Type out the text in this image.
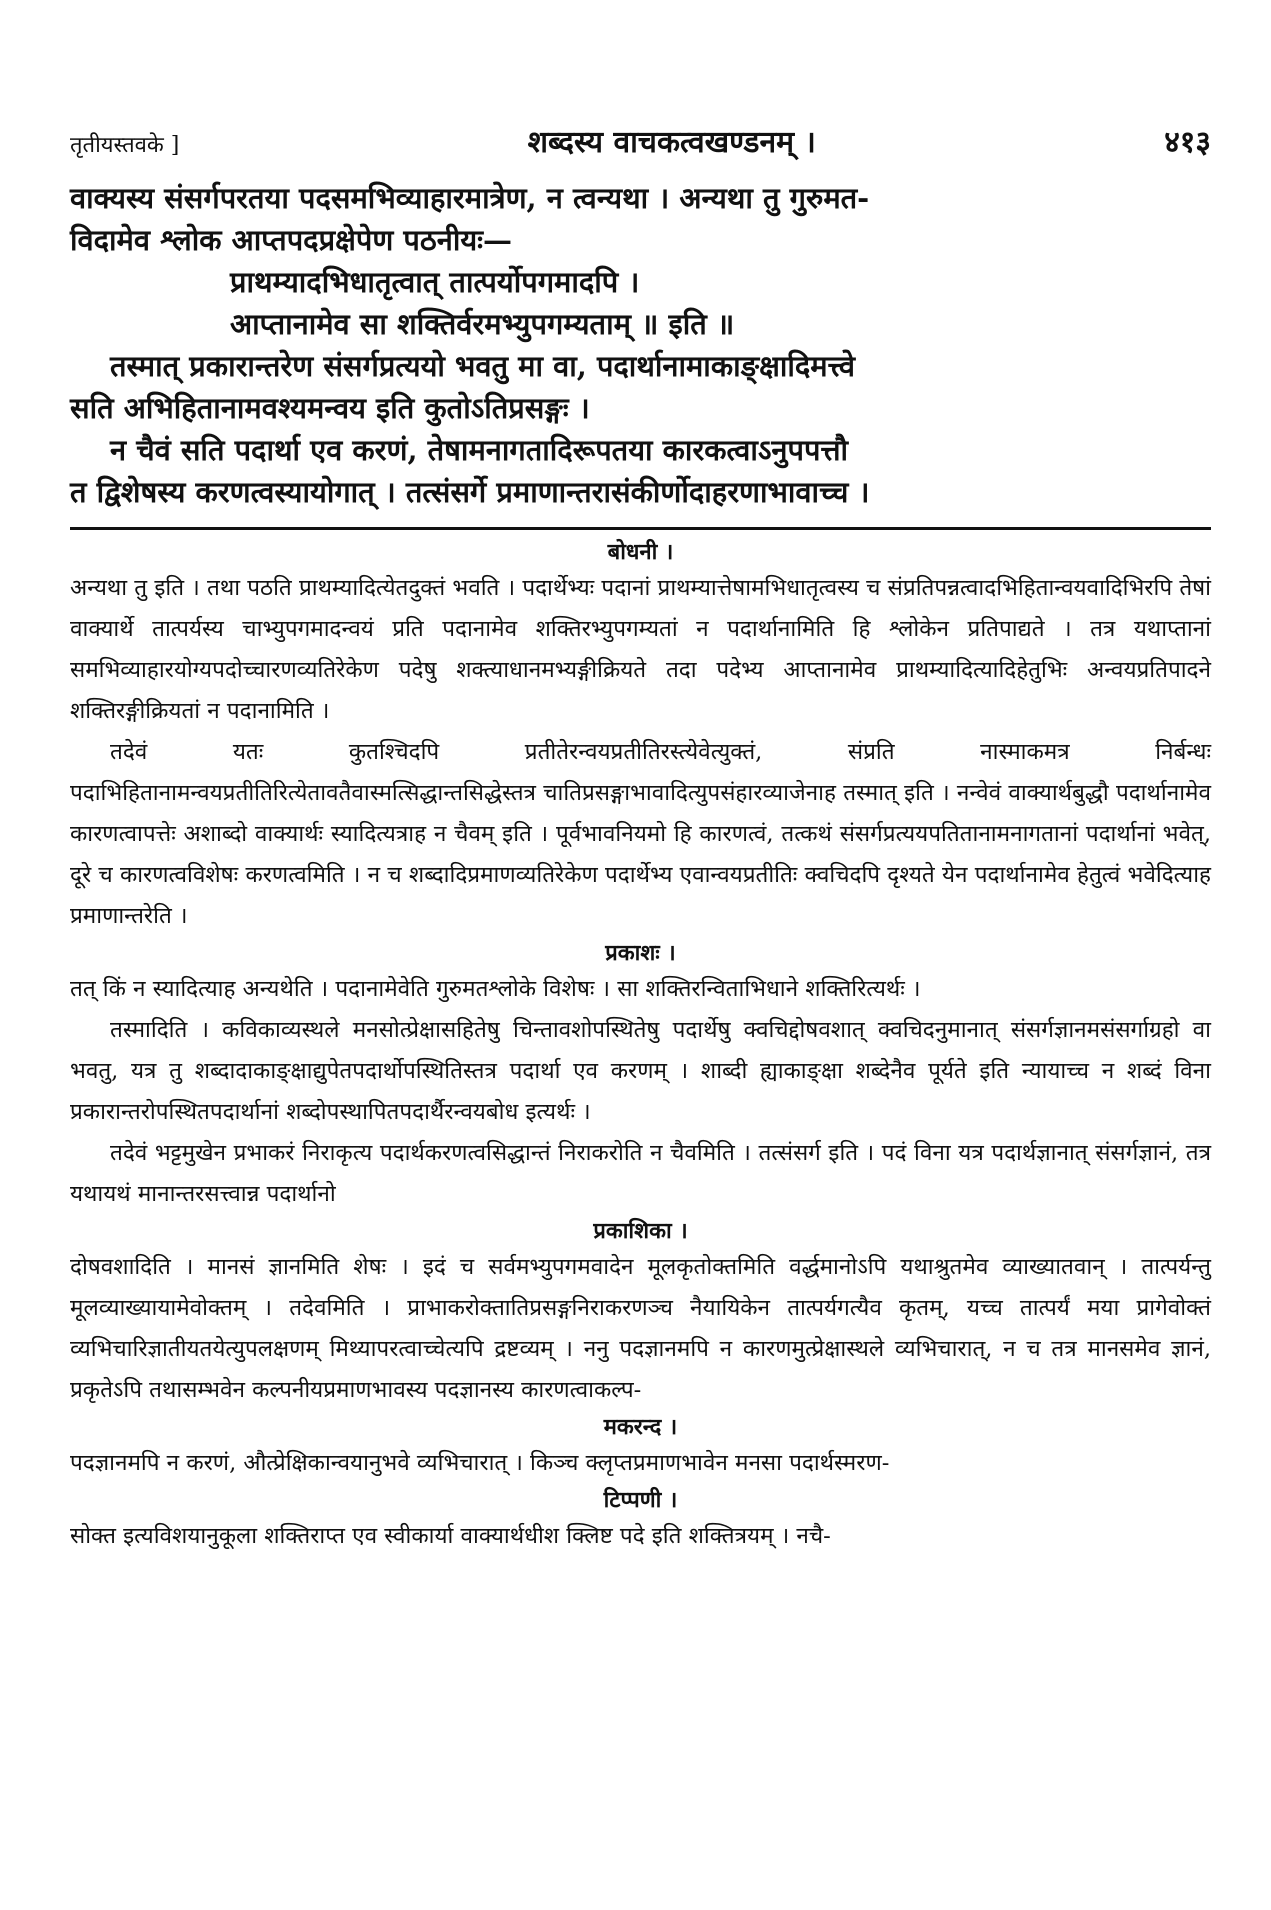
तृतीयस्तवके ]	शब्दस्य वाचकत्वखण्डनम् ।	४१३

वाक्यस्य संसर्गपरतया पदसमभिव्याहारमात्रेण, न त्वन्यथा । अन्यथा तु गुरुमत-

विदामेव श्लोक आप्तपदप्रक्षेपेण पठनीयः—

प्राथम्यादभिधातृत्वात् तात्पर्योपगमादपि ।

आप्तानामेव सा शक्तिर्वरमभ्युपगम्यताम् ॥ इति ॥

तस्मात् प्रकारान्तरेण संसर्गप्रत्ययो भवतु मा वा, पदार्थानामाकाङ्क्षादिमत्त्वे

सति अभिहितानामवश्यमन्वय इति कुतोऽतिप्रसङ्गः ।

न चैवं सति पदार्था एव करणं, तेषामनागतादिरूपतया कारकत्वाऽनुपपत्तौ

त द्विशेषस्य करणत्वस्यायोगात् । तत्संसर्गे प्रमाणान्तरासंकीर्णोदाहरणाभावाच्च ।

बोधनी ।

अन्यथा तु इति । तथा पठति प्राथम्यादित्येतदुक्तं भवति । पदार्थेभ्यः पदानां प्राथम्यात्तेषामभिधातृत्वस्य च संप्रतिपन्नत्वादभिहितान्वयवादिभिरपि तेषां वाक्यार्थे तात्पर्यस्य चाभ्युपगमादन्वयं प्रति पदानामेव शक्तिरभ्युपगम्यतां न पदार्थानामिति हि श्लोकेन प्रतिपाद्यते । तत्र यथाप्तानां समभिव्याहारयोग्यपदोच्चारणव्यतिरेकेण पदेषु शक्त्याधानमभ्यङ्गीक्रियते तदा पदेभ्य आप्तानामेव प्राथम्यादित्यादिहेतुभिः अन्वयप्रतिपादने शक्तिरङ्गीक्रियतां न पदानामिति ।

तदेवं यतः कुतश्चिदपि प्रतीतेरन्वयप्रतीतिरस्त्येवेत्युक्तं, संप्रति नास्माकमत्र निर्बन्धः पदाभिहितानामन्वयप्रतीतिरित्येतावतैवास्मत्सिद्धान्तसिद्धेस्तत्र चातिप्रसङ्गाभावादित्युपसंहारव्याजेनाह तस्मात् इति । नन्वेवं वाक्यार्थबुद्धौ पदार्थानामेव कारणत्वापत्तेः अशाब्दो वाक्यार्थः स्यादित्यत्राह न चैवम् इति । पूर्वभावनियमो हि कारणत्वं, तत्कथं संसर्गप्रत्ययपतितानामनागतानां पदार्थानां भवेत्, दूरे च कारणत्वविशेषः करणत्वमिति । न च शब्दादिप्रमाणव्यतिरेकेण पदार्थेभ्य एवान्वयप्रतीतिः क्वचिदपि दृश्यते येन पदार्थानामेव हेतुत्वं भवेदित्याह प्रमाणान्तरेति ।

प्रकाशः ।

तत् किं न स्यादित्याह अन्यथेति । पदानामेवेति गुरुमतश्लोके विशेषः । सा शक्तिरन्विताभिधाने शक्तिरित्यर्थः ।

तस्मादिति । कविकाव्यस्थले मनसोत्प्रेक्षासहितेषु चिन्तावशोपस्थितेषु पदार्थेषु क्वचिद्दोषवशात् क्वचिदनुमानात् संसर्गज्ञानमसंसर्गाग्रहो वा भवतु, यत्र तु शब्दादाकाङ्क्षाद्युपेतपदार्थोपस्थितिस्तत्र पदार्था एव करणम् । शाब्दी ह्याकाङ्क्षा शब्देनैव पूर्यते इति न्यायाच्च न शब्दं विना प्रकारान्तरोपस्थितपदार्थानां शब्दोपस्थापितपदार्थैरन्वयबोध इत्यर्थः ।

तदेवं भट्टमुखेन प्रभाकरं निराकृत्य पदार्थकरणत्वसिद्धान्तं निराकरोति न चैवमिति । तत्संसर्ग इति । पदं विना यत्र पदार्थज्ञानात् संसर्गज्ञानं, तत्र यथायथं मानान्तरसत्त्वान्न पदार्थानो

प्रकाशिका ।

दोषवशादिति । मानसं ज्ञानमिति शेषः । इदं च सर्वमभ्युपगमवादेन मूलकृतोक्तमिति वर्द्धमानोऽपि यथाश्रुतमेव व्याख्यातवान् । तात्पर्यन्तु मूलव्याख्यायामेवोक्तम् । तदेवमिति । प्राभाकरोक्तातिप्रसङ्गनिराकरणञ्च नैयायिकेन तात्पर्यगत्यैव कृतम्, यच्च तात्पर्यं मया प्रागेवोक्तं व्यभिचारिज्ञातीयतयेत्युपलक्षणम् मिथ्यापरत्वाच्चेत्यपि द्रष्टव्यम् । ननु पदज्ञानमपि न कारणमुत्प्रेक्षास्थले व्यभिचारात्, न च तत्र मानसमेव ज्ञानं, प्रकृतेऽपि तथासम्भवेन कल्पनीयप्रमाणभावस्य पदज्ञानस्य कारणत्वाकल्प-

मकरन्द ।

पदज्ञानमपि न करणं, औत्प्रेक्षिकान्वयानुभवे व्यभिचारात् । किञ्च क्लृप्तप्रमाणभावेन मनसा पदार्थस्मरण-

टिप्पणी ।

सोक्त इत्यविशयानुकूला शक्तिराप्त एव स्वीकार्या वाक्यार्थधीश क्लिष्ट पदे इति शक्तित्रयम् । नचै-
